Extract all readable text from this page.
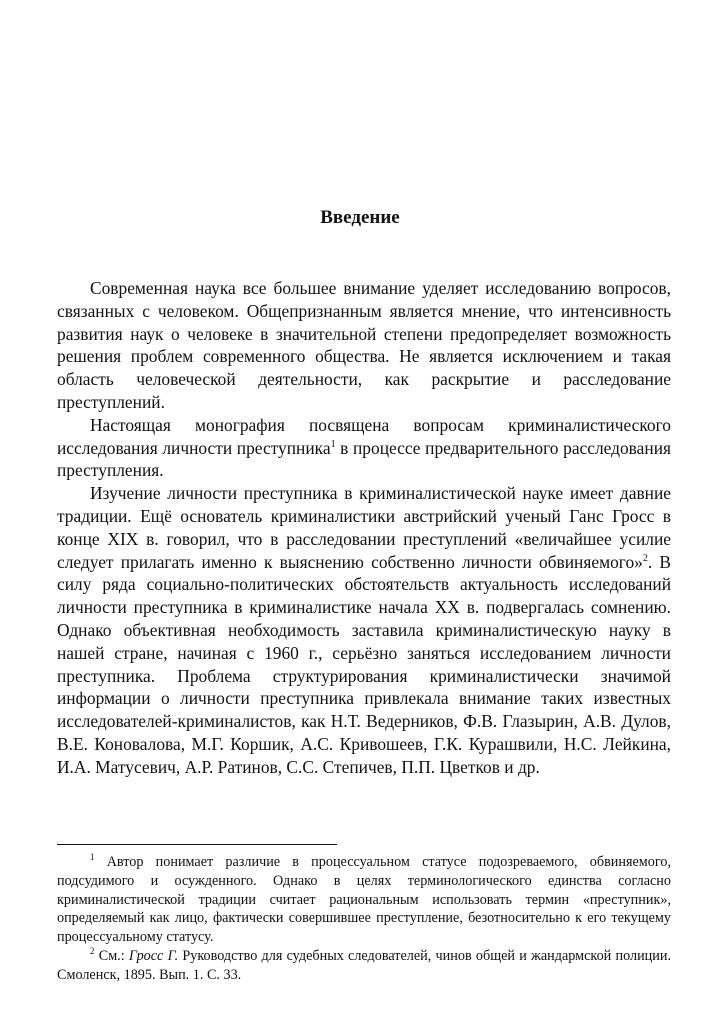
Введение

Современная наука все большее внимание уделяет исследованию вопросов, связанных с человеком. Общепризнанным является мнение, что интенсивность развития наук о человеке в значительной степени предопределяет возможность решения проблем современного общества. Не является исключением и такая область человеческой деятельности, как раскрытие и расследование преступлений.

Настоящая монография посвящена вопросам криминалистического исследования личности преступника$^1$ в процессе предварительного расследования преступления.

Изучение личности преступника в криминалистической науке имеет давние традиции. Ещё основатель криминалистики австрийский ученый Ганс Гросс в конце XIX в. говорил, что в расследовании преступлений «величайшее усилие следует прилагать именно к выяснению собственно личности обвиняемого»$^2$. В силу ряда социально-политических обстоятельств актуальность исследований личности преступника в криминалистике начала XX в. подвергалась сомнению. Однако объективная необходимость заставила криминалистическую науку в нашей стране, начиная с 1960 г., серьёзно заняться исследованием личности преступника. Проблема структурирования криминалистически значимой информации о личности преступника привлекала внимание таких известных исследователей-криминалистов, как Н.Т. Ведерников, Ф.В. Глазырин, А.В. Дулов, В.Е. Коновалова, М.Г. Коршик, А.С. Кривошеев, Г.К. Курашвили, Н.С. Лейкина, И.А. Матусевич, А.Р. Ратинов, С.С. Степичев, П.П. Цветков и др.

$^1$ Автор понимает различие в процессуальном статусе подозреваемого, обвиняемого, подсудимого и осужденного. Однако в целях терминологического единства согласно криминалистической традиции считает рациональным использовать термин «преступник», определяемый как лицо, фактически совершившее преступление, безотносительно к его текущему процессуальному статусу.

$^2$ См.: Гросс Г. Руководство для судебных следователей, чинов общей и жандармской полиции. Смоленск, 1895. Вып. 1. С. 33.
